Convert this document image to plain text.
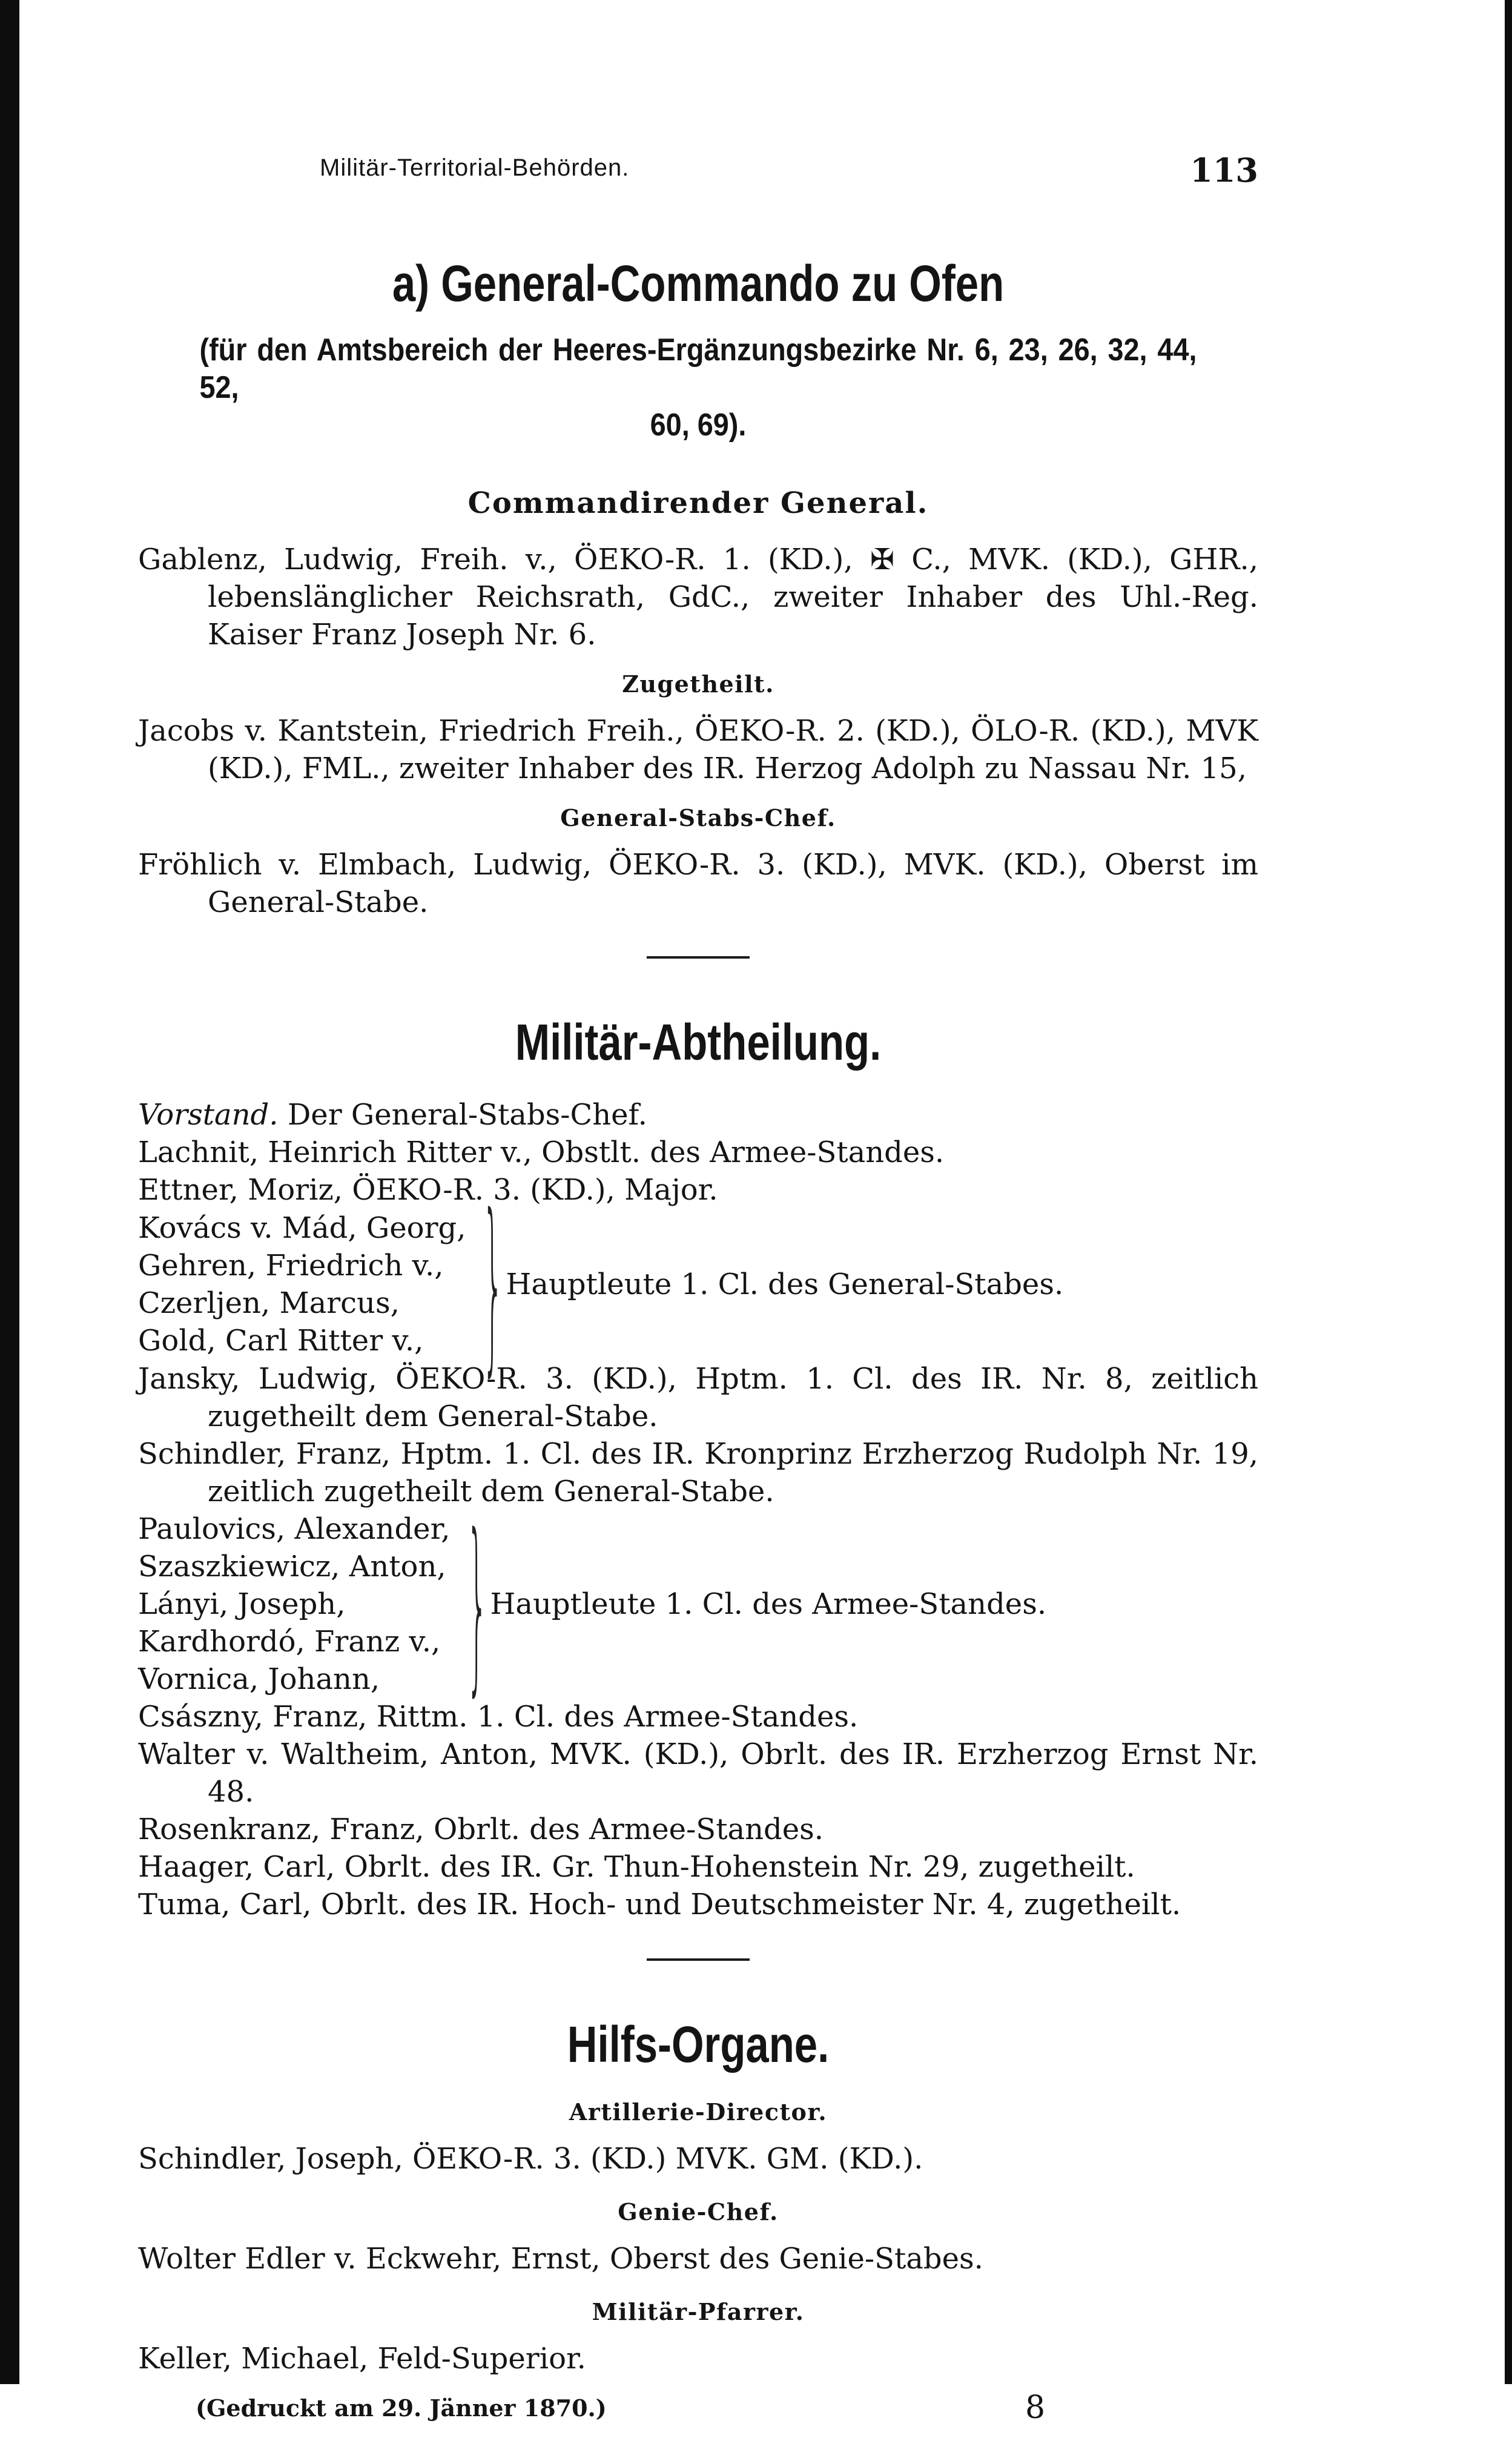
Militär-Territorial-Behörden.	113
a) General-Commando zu Ofen
(für den Amtsbereich der Heeres-Ergänzungsbezirke Nr. 6, 23, 26, 32, 44, 52,
60, 69).
Commandirender General.

Gablenz, Ludwig, Freih. v., ÖEKO-R. 1. (KD.), ✠ C., MVK. (KD.), GHR., lebenslänglicher Reichsrath, GdC., zweiter Inhaber des Uhl.-Reg. Kaiser Franz Joseph Nr. 6.

Zugetheilt.

Jacobs v. Kantstein, Friedrich Freih., ÖEKO-R. 2. (KD.), ÖLO-R. (KD.), MVK (KD.), FML., zweiter Inhaber des IR. Herzog Adolph zu Nassau Nr. 15,

General-Stabs-Chef.

Fröhlich v. Elmbach, Ludwig, ÖEKO-R. 3. (KD.), MVK. (KD.), Oberst im General-Stabe.

Militär-Abtheilung.

Vorstand. Der General-Stabs-Chef.

Lachnit, Heinrich Ritter v., Obstlt. des Armee-Standes.

Ettner, Moriz, ÖEKO-R. 3. (KD.), Major.

Kovács v. Mád, Georg,
Gehren, Friedrich v.,
Czerljen, Marcus,
Gold, Carl Ritter v., } Hauptleute 1. Cl. des General-Stabes.

Jansky, Ludwig, ÖEKO-R. 3. (KD.), Hptm. 1. Cl. des IR. Nr. 8, zeitlich zugetheilt dem General-Stabe.

Schindler, Franz, Hptm. 1. Cl. des IR. Kronprinz Erzherzog Rudolph Nr. 19, zeitlich zugetheilt dem General-Stabe.

Paulovics, Alexander,
Szaszkiewicz, Anton,
Lányi, Joseph,
Kardhordó, Franz v.,
Vornica, Johann, } Hauptleute 1. Cl. des Armee-Standes.

Császny, Franz, Rittm. 1. Cl. des Armee-Standes.

Walter v. Waltheim, Anton, MVK. (KD.), Obrlt. des IR. Erzherzog Ernst Nr. 48.

Rosenkranz, Franz, Obrlt. des Armee-Standes.

Haager, Carl, Obrlt. des IR. Gr. Thun-Hohenstein Nr. 29, zugetheilt.

Tuma, Carl, Obrlt. des IR. Hoch- und Deutschmeister Nr. 4, zugetheilt.

Hilfs-Organe.
Artillerie-Director.

Schindler, Joseph, ÖEKO-R. 3. (KD.) MVK. GM. (KD.).

Genie-Chef.

Wolter Edler v. Eckwehr, Ernst, Oberst des Genie-Stabes.

Militär-Pfarrer.

Keller, Michael, Feld-Superior.

(Gedruckt am 29. Jänner 1870.)	8
